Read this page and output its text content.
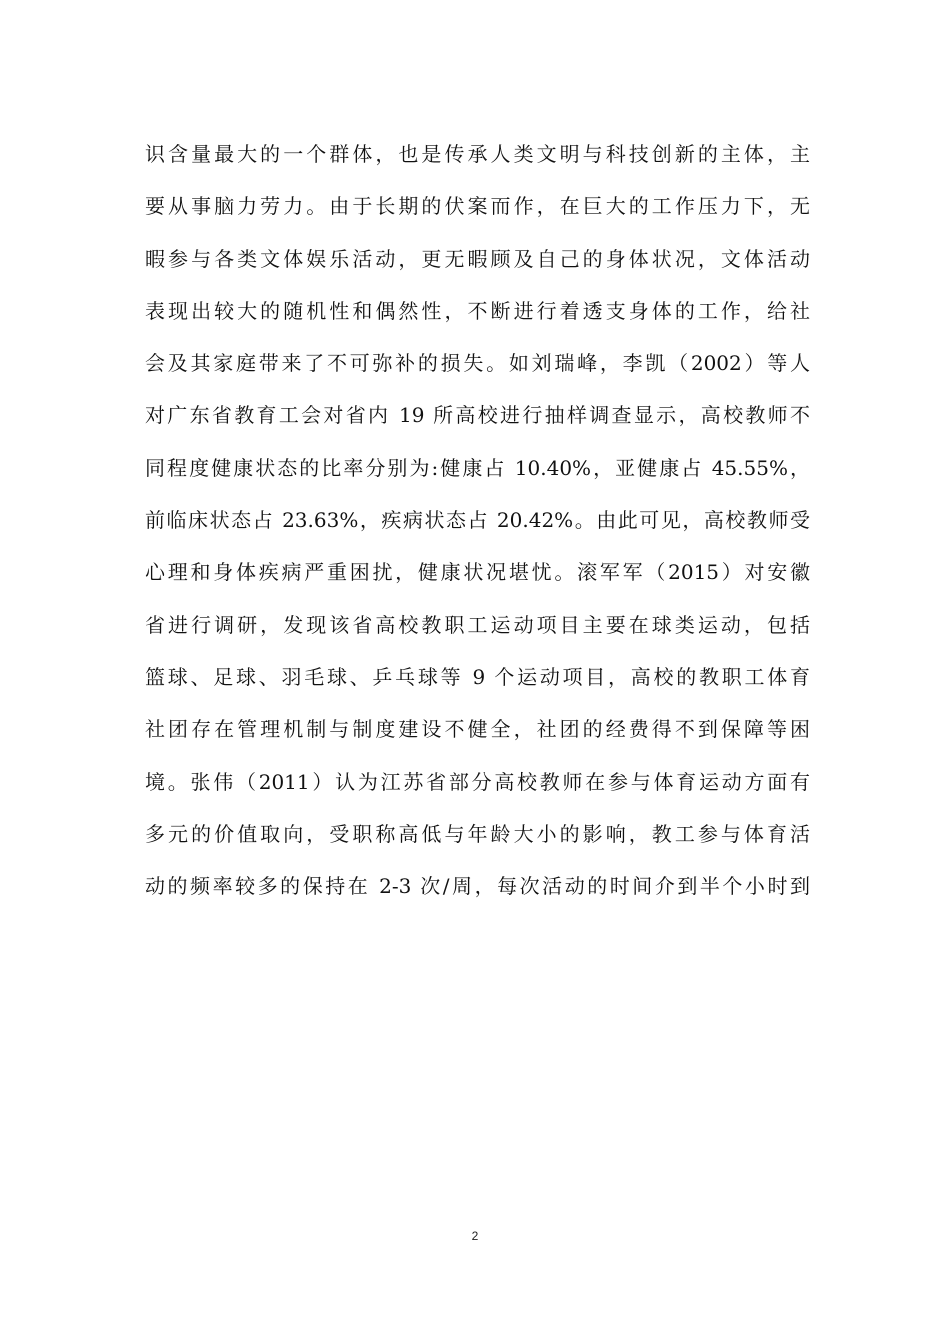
识含量最大的一个群体，也是传承人类文明与科技创新的主体，主
要从事脑力劳力。由于长期的伏案而作，在巨大的工作压力下，无
暇参与各类文体娱乐活动，更无暇顾及自己的身体状况，文体活动
表现出较大的随机性和偶然性，不断进行着透支身体的工作，给社
会及其家庭带来了不可弥补的损失。如刘瑞峰，李凯（2002）等人
对广东省教育工会对省内 19 所高校进行抽样调查显示，高校教师不
同程度健康状态的比率分别为:健康占 10.40%，亚健康占 45.55%，
前临床状态占 23.63%，疾病状态占 20.42%。由此可见，高校教师受
心理和身体疾病严重困扰，健康状况堪忧。滚军军（2015）对安徽
省进行调研，发现该省高校教职工运动项目主要在球类运动，包括
篮球、足球、羽毛球、乒乓球等 9 个运动项目，高校的教职工体育
社团存在管理机制与制度建设不健全，社团的经费得不到保障等困
境。张伟（2011）认为江苏省部分高校教师在参与体育运动方面有
多元的价值取向，受职称高低与年龄大小的影响，教工参与体育活
动的频率较多的保持在 2-3 次/周，每次活动的时间介到半个小时到
2
